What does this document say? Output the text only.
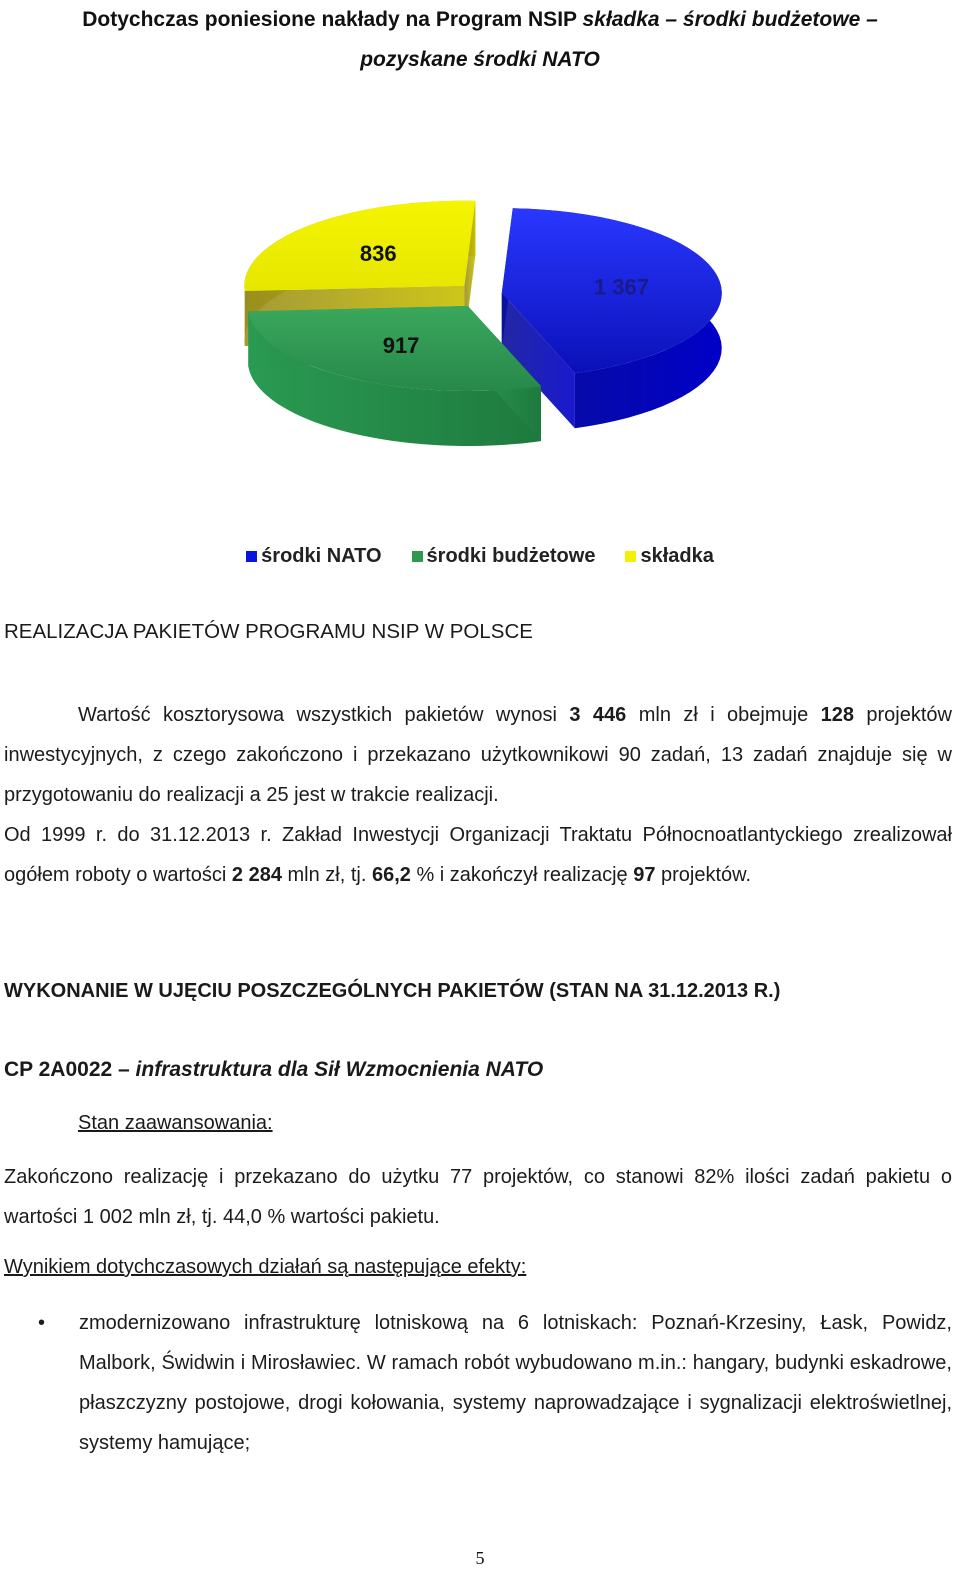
Dotychczas poniesione nakłady na Program NSIP składka – środki budżetowe –
pozyskane środki NATO
1 367
917
836
środki NATO środki budżetowe składka
REALIZACJA PAKIETÓW PROGRAMU NSIP W POLSCE
Wartość kosztorysowa wszystkich pakietów wynosi 3 446 mln zł i obejmuje 128 projektów inwestycyjnych, z czego zakończono i przekazano użytkownikowi 90 zadań, 13 zadań znajduje się w przygotowaniu do realizacji a 25 jest w trakcie realizacji.
Od 1999 r. do 31.12.2013 r. Zakład Inwestycji Organizacji Traktatu Północnoatlantyckiego zrealizował ogółem roboty o wartości 2 284 mln zł, tj. 66,2 % i zakończył realizację 97 projektów.
WYKONANIE W UJĘCIU POSZCZEGÓLNYCH PAKIETÓW (STAN NA 31.12.2013 R.)
CP 2A0022 – infrastruktura dla Sił Wzmocnienia NATO
Stan zaawansowania:
Zakończono realizację i przekazano do użytku 77 projektów, co stanowi 82% ilości zadań pakietu o wartości 1 002 mln zł, tj. 44,0 % wartości pakietu.
Wynikiem dotychczasowych działań są następujące efekty:
• zmodernizowano infrastrukturę lotniskową na 6 lotniskach: Poznań-Krzesiny, Łask, Powidz, Malbork, Świdwin i Mirosławiec. W ramach robót wybudowano m.in.: hangary, budynki eskadrowe, płaszczyzny postojowe, drogi kołowania, systemy naprowadzające i sygnalizacji elektroświetlnej, systemy hamujące;
5
